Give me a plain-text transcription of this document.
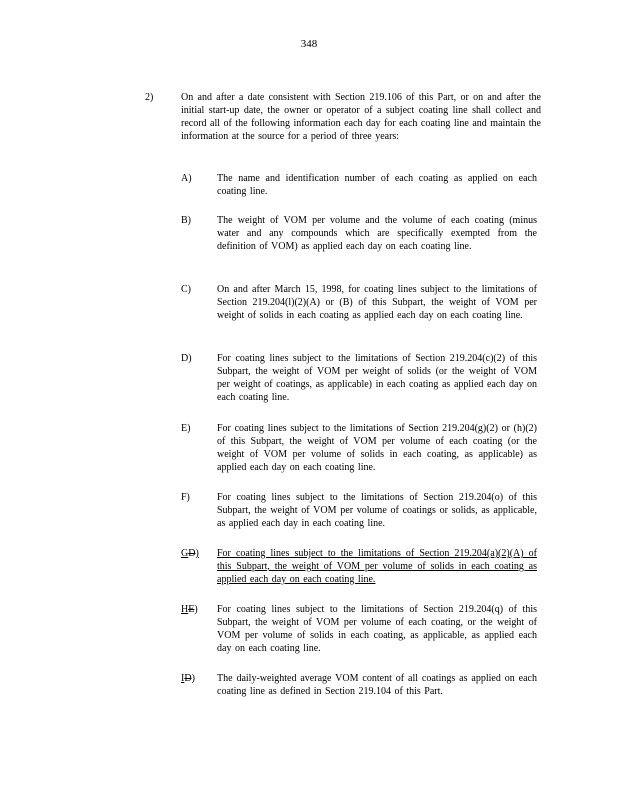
348
2)	On and after a date consistent with Section 219.106 of this Part, or on and after the initial start-up date, the owner or operator of a subject coating line shall collect and record all of the following information each day for each coating line and maintain the information at the source for a period of three years:
A)	The name and identification number of each coating as applied on each coating line.
B)	The weight of VOM per volume and the volume of each coating (minus water and any compounds which are specifically exempted from the definition of VOM) as applied each day on each coating line.
C)	On and after March 15, 1998, for coating lines subject to the limitations of Section 219.204(l)(2)(A) or (B) of this Subpart, the weight of VOM per weight of solids in each coating as applied each day on each coating line.
D)	For coating lines subject to the limitations of Section 219.204(c)(2) of this Subpart, the weight of VOM per weight of solids (or the weight of VOM per weight of coatings, as applicable) in each coating as applied each day on each coating line.
E)	For coating lines subject to the limitations of Section 219.204(g)(2) or (h)(2) of this Subpart, the weight of VOM per volume of each coating (or the weight of VOM per volume of solids in each coating, as applicable) as applied each day on each coating line.
F)	For coating lines subject to the limitations of Section 219.204(o) of this Subpart, the weight of VOM per volume of coatings or solids, as applicable, as applied each day in each coating line.
GD)	For coating lines subject to the limitations of Section 219.204(a)(2)(A) of this Subpart, the weight of VOM per volume of solids in each coating as applied each day on each coating line.
HE)	For coating lines subject to the limitations of Section 219.204(q) of this Subpart, the weight of VOM per volume of each coating, or the weight of VOM per volume of solids in each coating, as applicable, as applied each day on each coating line.
ID)	The daily-weighted average VOM content of all coatings as applied on each coating line as defined in Section 219.104 of this Part.
